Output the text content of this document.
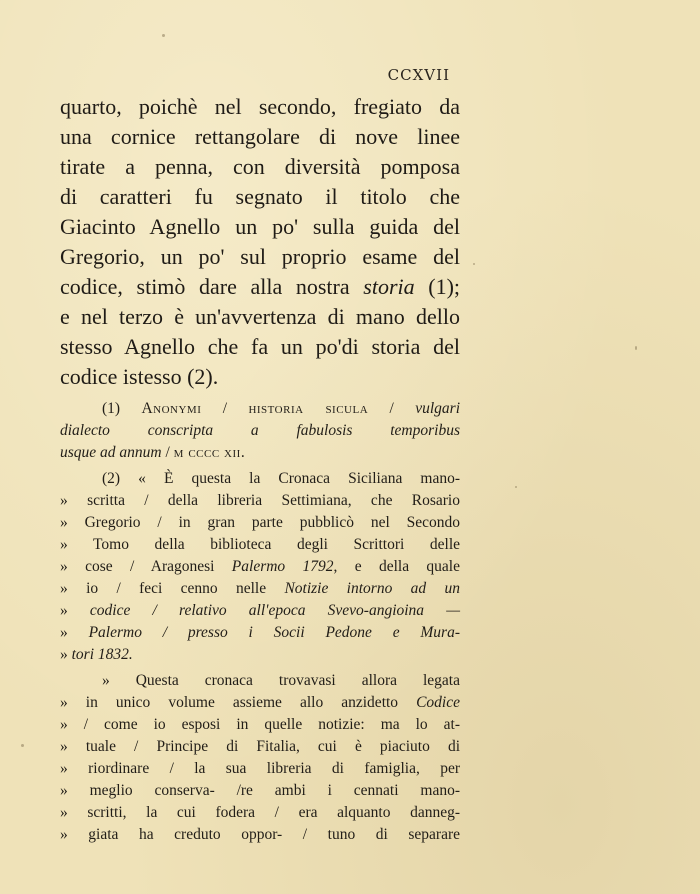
CCXVII
quarto, poichè nel secondo, fregiato da
una cornice rettangolare di nove linee
tirate a penna, con diversità pomposa
di caratteri fu segnato il titolo che
Giacinto Agnello un po' sulla guida del
Gregorio, un po' sul proprio esame del
codice, stimò dare alla nostra storia (1);
e nel terzo è un'avvertenza di mano dello
stesso Agnello che fa un po'di storia del
codice istesso (2).
(1) Anonymi / historia sicula / vulgari
dialecto conscripta a fabulosis temporibus
usque ad annum / m cccc xii.
(2) « È questa la Cronaca Siciliana mano-
» scritta / della libreria Settimiana, che Rosario
» Gregorio / in gran parte pubblicò nel Secondo
» Tomo della biblioteca degli Scrittori delle
» cose / Aragonesi Palermo 1792, e della quale
» io / feci cenno nelle Notizie intorno ad un
» codice / relativo all'epoca Svevo-angioina —
» Palermo / presso i Socii Pedone e Mura-
» tori 1832.
» Questa cronaca trovavasi allora legata
» in unico volume assieme allo anzidetto Codice
» / come io esposi in quelle notizie: ma lo at-
» tuale / Principe di Fitalia, cui è piaciuto di
» riordinare / la sua libreria di famiglia, per
» meglio conserva- /re ambi i cennati mano-
» scritti, la cui fodera / era alquanto danneg-
» giata ha creduto oppor- / tuno di separare
